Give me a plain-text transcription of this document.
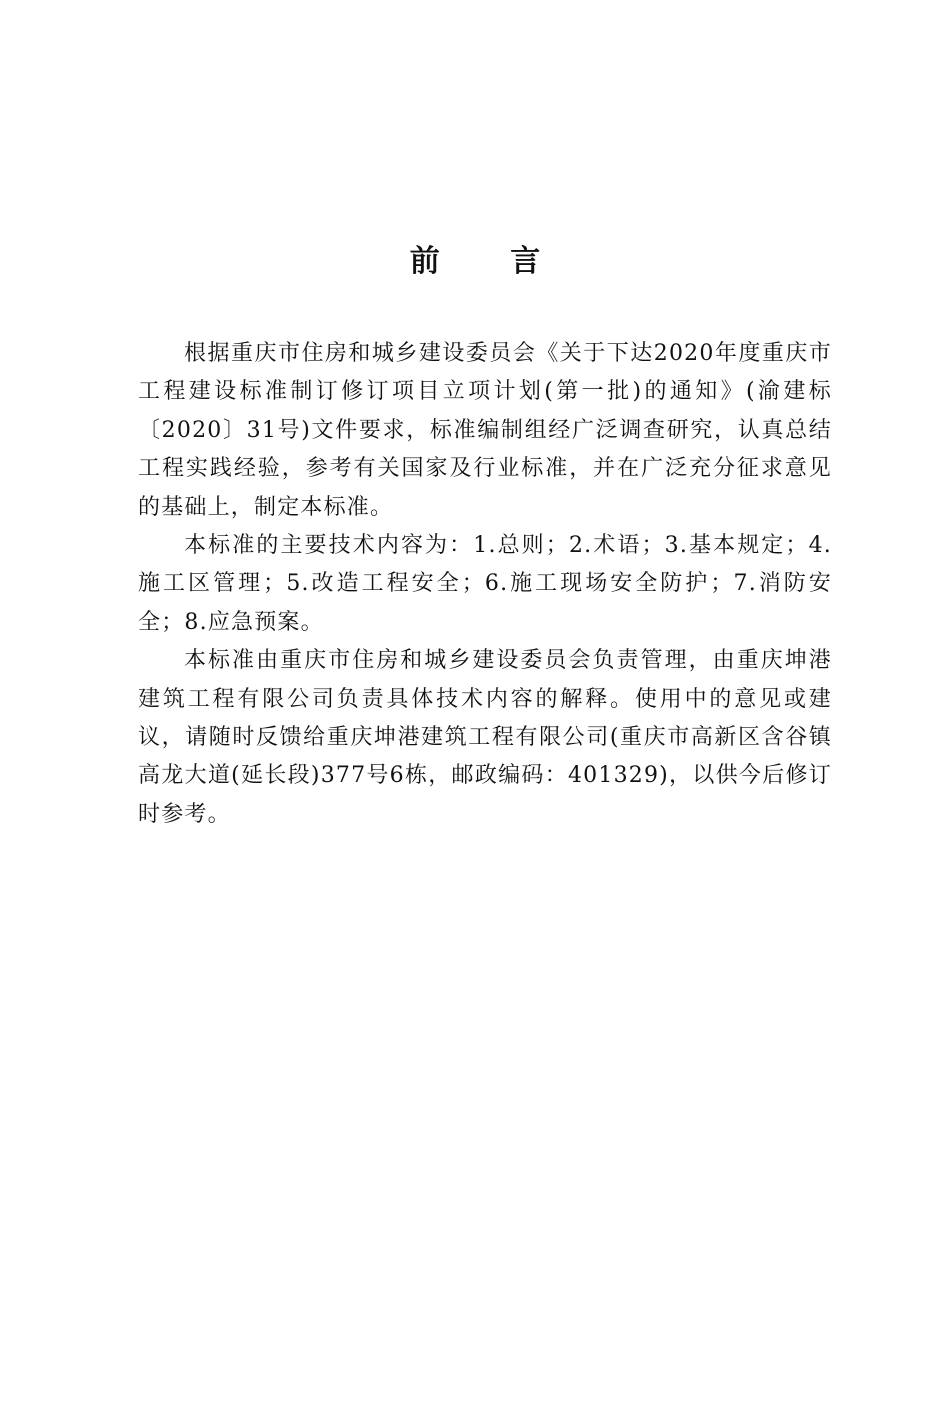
前 言

根据重庆市住房和城乡建设委员会《关于下达2020年度重庆市工程建设标准制订修订项目立项计划(第一批)的通知》(渝建标〔2020〕31号)文件要求，标准编制组经广泛调查研究，认真总结工程实践经验，参考有关国家及行业标准，并在广泛充分征求意见的基础上，制定本标准。

本标准的主要技术内容为：1.总则；2.术语；3.基本规定；4.施工区管理；5.改造工程安全；6.施工现场安全防护；7.消防安全；8.应急预案。

本标准由重庆市住房和城乡建设委员会负责管理，由重庆坤港建筑工程有限公司负责具体技术内容的解释。使用中的意见或建议，请随时反馈给重庆坤港建筑工程有限公司(重庆市高新区含谷镇高龙大道(延长段)377号6栋，邮政编码：401329)，以供今后修订时参考。
